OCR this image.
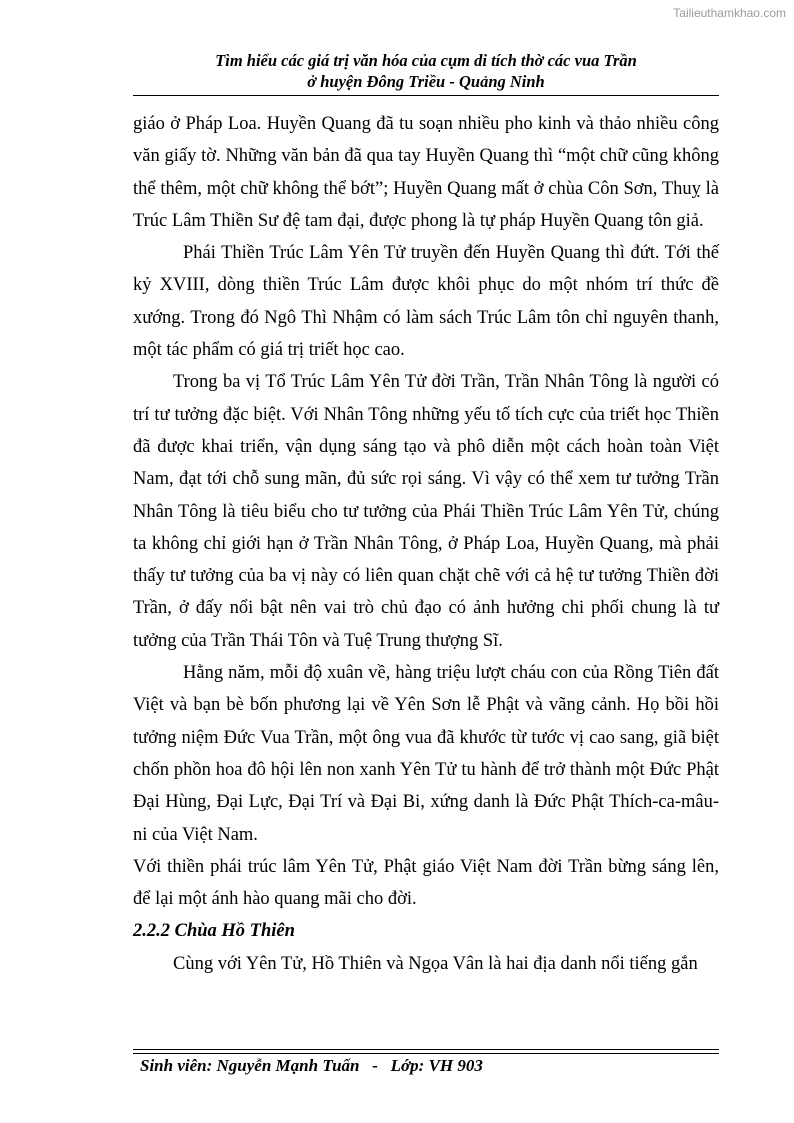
Tailieuthamkhao.com
Tìm hiểu các giá trị văn hóa của cụm di tích thờ các vua Trần
ở huyện Đông Triều - Quảng Ninh

giáo ở Pháp Loa. Huyền Quang đã tu soạn nhiều pho kinh và thảo nhiều công văn giấy tờ. Những văn bản đã qua tay Huyền Quang thì “một chữ cũng không thể thêm, một chữ không thể bớt”; Huyền Quang mất ở chùa Côn Sơn, Thuỵ là Trúc Lâm Thiền Sư đệ tam đại, được phong là tự pháp Huyền Quang tôn giả.

Phái Thiền Trúc Lâm Yên Tử truyền đến Huyền Quang thì đứt. Tới thế kỷ XVIII, dòng thiền Trúc Lâm được khôi phục do một nhóm trí thức đề xướng. Trong đó Ngô Thì Nhậm có làm sách Trúc Lâm tôn chỉ nguyên thanh, một tác phẩm có giá trị triết học cao.

Trong ba vị Tổ Trúc Lâm Yên Tử đời Trần, Trần Nhân Tông là người có trí tư tưởng đặc biệt. Với Nhân Tông những yếu tố tích cực của triết học Thiền đã được khai triển, vận dụng sáng tạo và phô diễn một cách hoàn toàn Việt Nam, đạt tới chỗ sung mãn, đủ sức rọi sáng. Vì vậy có thể xem tư tưởng Trần Nhân Tông là tiêu biểu cho tư tưởng của Phái Thiền Trúc Lâm Yên Tử, chúng ta không chỉ giới hạn ở Trần Nhân Tông, ở Pháp Loa, Huyền Quang, mà phải thấy tư tưởng của ba vị này có liên quan chặt chẽ với cả hệ tư tưởng Thiền đời Trần, ở đấy nổi bật nên vai trò chủ đạo có ảnh hưởng chi phối chung là tư tưởng của Trần Thái Tôn và Tuệ Trung thượng Sĩ.

Hằng năm, mỗi độ xuân về, hàng triệu lượt cháu con của Rồng Tiên đất Việt và bạn bè bốn phương lại về Yên Sơn lễ Phật và vãng cảnh. Họ bồi hồi tưởng niệm Đức Vua Trần, một ông vua đã khước từ tước vị cao sang, giã biệt chốn phồn hoa đô hội lên non xanh Yên Tử tu hành để trở thành một Đức Phật Đại Hùng, Đại Lực, Đại Trí và Đại Bi, xứng danh là Đức Phật Thích-ca-mâu-ni của Việt Nam.

Với thiền phái trúc lâm Yên Tử, Phật giáo Việt Nam đời Trần bừng sáng lên, để lại một ánh hào quang mãi cho đời.

2.2.2 Chùa Hồ Thiên

Cùng với Yên Tử, Hồ Thiên và Ngọa Vân là hai địa danh nổi tiếng gắn

Sinh viên: Nguyễn Mạnh Tuấn - Lớp: VH 903
